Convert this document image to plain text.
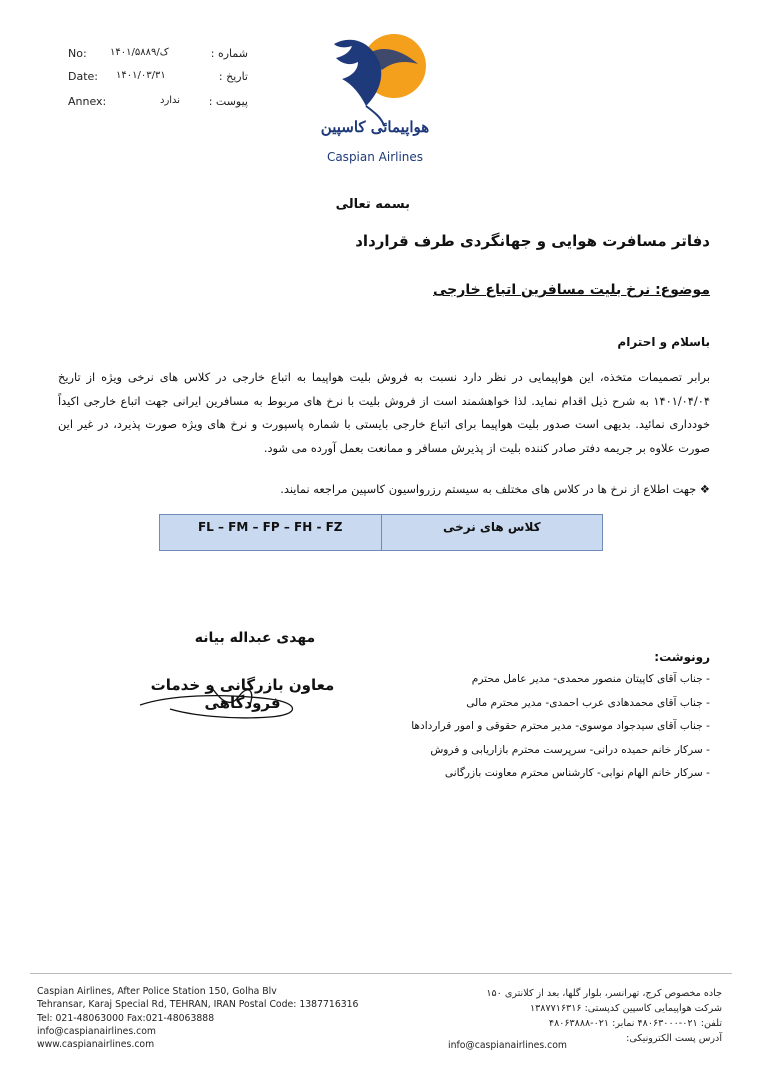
No: ۱۴۰۱/۵۸۸۹/ک	شماره :
Date: ۱۴۰۱/۰۳/۳۱	تاریخ :
Annex:	ندارد	پیوست :
هواپیمائی کاسپین
Caspian Airlines
بسمه تعالی
دفاتر مسافرت هوایی و جهانگردی طرف قرارداد
موضوع: نرخ بلیت مسافرین اتباع خارجی
باسلام و احترام
برابر تصمیمات متخذه، این هواپیمایی در نظر دارد نسبت به فروش بلیت هواپیما به اتباع خارجی در کلاس های نرخی ویژه از تاریخ ۱۴۰۱/۰۴/۰۴ به شرح ذیل اقدام نماید. لذا خواهشمند است از فروش بلیت با نرخ های مربوط به مسافرین ایرانی جهت اتباع خارجی اکیداً خودداری نمائید. بدیهی است صدور بلیت هواپیما برای اتباع خارجی بایستی با شماره پاسپورت و نرخ های ویژه صورت پذیرد، در غیر این صورت علاوه بر جریمه دفتر صادر کننده بلیت از پذیرش مسافر و ممانعت بعمل آورده می شود.
❖ جهت اطلاع از نرخ ها در کلاس های مختلف به سیستم رزرواسیون کاسپین مراجعه نمایند.
FL – FM – FP – FH - FZ	کلاس های نرخی
مهدی عبداله بیانه
معاون بازرگانی و خدمات فرودگاهی
رونوشت:
- جناب آقای کاپیتان منصور محمدی- مدیر عامل محترم
- جناب آقای محمدهادی عرب احمدی- مدیر محترم مالی
- جناب آقای سیدجواد موسوی- مدیر محترم حقوقی و امور قراردادها
- سرکار خانم حمیده درانی- سرپرست محترم بازاریابی و فروش
- سرکار خانم الهام نوابی- کارشناس محترم معاونت بازرگانی
Caspian Airlines, After Police Station 150, Golha Blv
Tehransar, Karaj Special Rd, TEHRAN, IRAN Postal Code: 1387716316
Tel: 021-48063000 Fax:021-48063888
info@caspianairlines.com
www.caspianairlines.com
جاده مخصوص کرج، تهرانسر، بلوار گلها، بعد از کلانتری ۱۵۰
شرکت هواپیمایی کاسپین کدپستی: ۱۳۸۷۷۱۶۳۱۶
تلفن: ۰۲۱-۴۸۰۶۳۰۰۰ نمابر: ۰۲۱-۴۸۰۶۳۸۸۸
آدرس پست الکترونیکی:
info@caspianairlines.com
